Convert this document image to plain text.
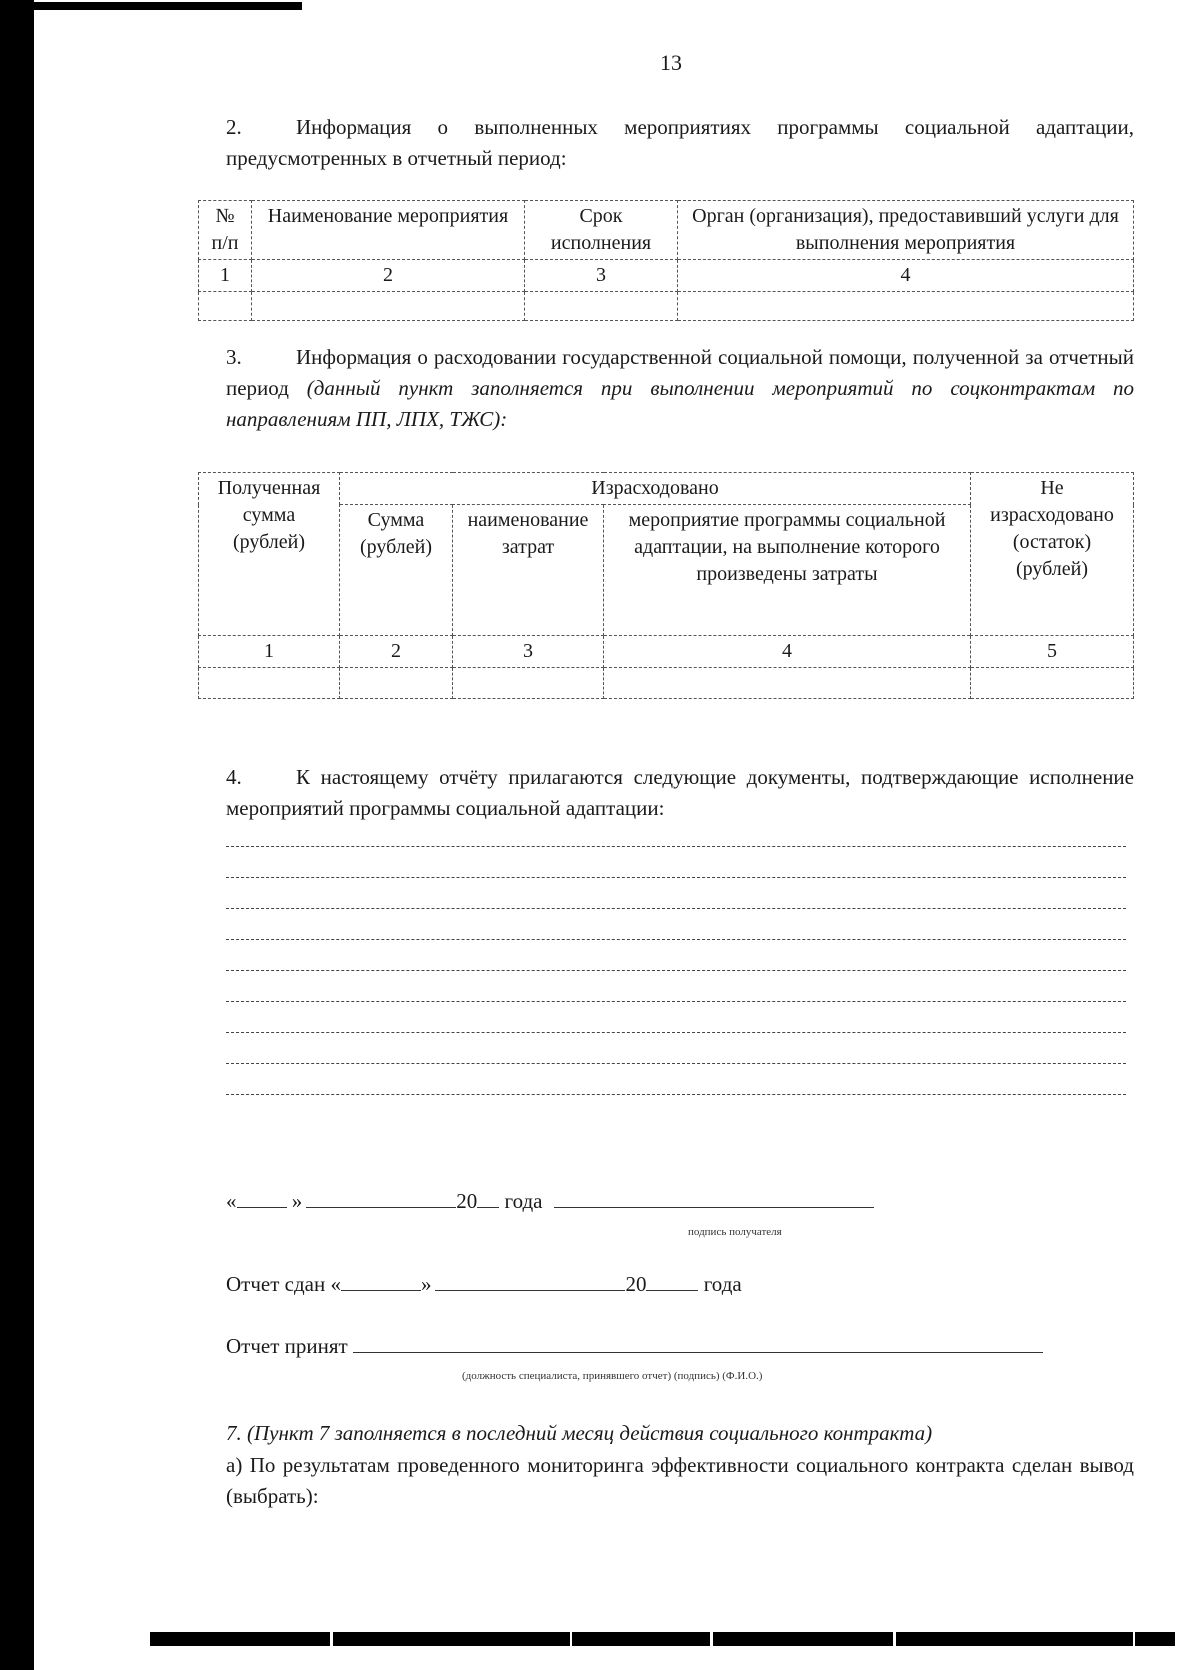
13
2.	Информация о выполненных мероприятиях программы социальной адаптации, предусмотренных в отчетный период:
№ п/п	Наименование мероприятия	Срок исполнения	Орган (организация), предоставивший услуги для выполнения мероприятия
1	2	3	4

3.	Информация о расходовании государственной социальной помощи, полученной за отчетный период (данный пункт заполняется при выполнении мероприятий по соцконтрактам по направлениям ПП, ЛПХ, ТЖС):
Полученная сумма (рублей)	Израсходовано			Не израсходовано (остаток) (рублей)
	Сумма (рублей)	наименование затрат	мероприятие программы социальной адаптации, на выполнение которого произведены затраты	
1	2	3	4	5

4.	К настоящему отчёту прилагаются следующие документы, подтверждающие исполнение мероприятий программы социальной адаптации:
«	»	20 года
подпись получателя
Отчет сдан «	»	20	года
Отчет принят
(должность специалиста, принявшего отчет) (подпись) (Ф.И.О.)
7. (Пункт 7 заполняется в последний месяц действия социального контракта)
а) По результатам проведенного мониторинга эффективности социального контракта сделан вывод (выбрать):
